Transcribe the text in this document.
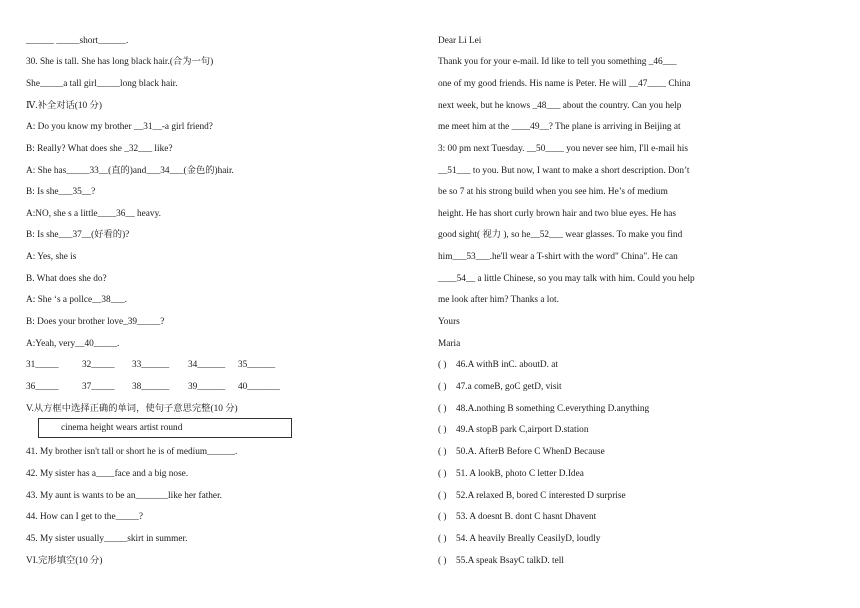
______ _____short______.
30. She is tall. She has long black hair.(合为一句)
She_____a tall girl_____long black hair.
Ⅳ.补全对话(10 分)
A: Do you know my brother __31__-a girl friend?
B: Really? What does she _32___ like?
A: She has_____33__(直的)and___34___(金色的)hair.
B: Is she___35__?
A:NO, she s a little____36__ heavy.
B: Is she___37__(好看的)?
A: Yes, she is
B. What does she do?
A: She ‘s a pollce__38___.
B: Does your brother love_39_____?
A:Yeah, very__40_____.
31_____	32_____ 33______ 34______ 35______
36_____	37_____ 38______ 39______ 40_______
V.从方框中选择正确的单词，使句子意思完整(10 分)
cinema height wears artist round
41. My brother isn't tall or short he is of medium______.
42. My sister has a____face and a big nose.
43. My aunt is wants to be an_______like her father.
44. How can I get to the_____?
45. My sister usually_____skirt in summer.
VI.完形填空(10 分)
Dear Li Lei
Thank you for your e-mail. Id like to tell you something _46___
one of my good friends. His name is Peter. He will __47____ China
next week, but he knows _48___ about the country. Can you help
me meet him at the ____49__? The plane is arriving in Beijing at
3: 00 pm next Tuesday. __50____ you never see him, I'll e-mail his
__51___ to you. But now, I want to make a short description. Don’t
be so 7 at his strong build when you see him. He’s of medium
height. He has short curly brown hair and two blue eyes. He has
good sight( 视力 ), so he__52___ wear glasses. To make you find
him___53___.he'll wear a T-shirt with the word" China". He can
____54__ a little Chinese, so you may talk with him. Could you help
me look after him? Thanks a lot.
Yours
Maria
( ) 46.A withB inC. aboutD. at
( ) 47.a comeB, goC getD, visit
( ) 48.A.nothing B something C.everything D.anything
( ) 49.A stopB park C,airport D.station
( ) 50.A. AfterB Before C WhenD Because
( ) 51. A lookB, photo C letter D.Idea
( ) 52.A relaxed B, bored C interested D surprise
( ) 53. A doesnt B. dont C hasnt Dhavent
( ) 54. A heavily Breally CeasilyD, loudly
( ) 55.A speak BsayC talkD. tell
